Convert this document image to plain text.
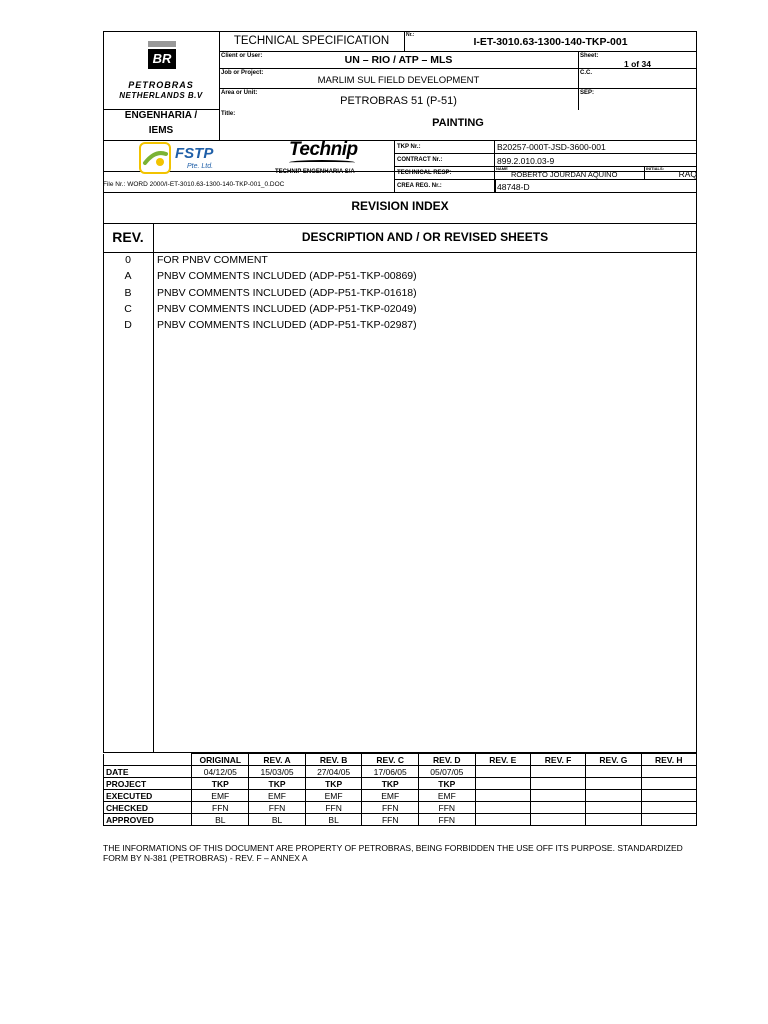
BR
PETROBRAS
NETHERLANDS B.V
ENGENHARIA /
IEMS
TECHNICAL SPECIFICATION	Nr.:
I-ET-3010.63-1300-140-TKP-001
Client or User:	UN – RIO / ATP – MLS	Sheet:
1 of 34
Job or Project:
MARLIM SUL FIELD DEVELOPMENT
C.C.
Area or Unit:
PETROBRAS 51 (P-51)
SEP:
Title:
PAINTING
FSTP
Pte. Ltd.
Technip
TECHNIP ENGENHARIA S/A
TKP Nr.:	B20257-000T-JSD-3600-001
CONTRACT Nr.:	899.2.010.03-9
TECHNICAL RESP:
NAME
ROBERTO JOURDAN AQUINO
INITIALS:
RAQ
CREA REG. Nr.:	48748-D
File Nr.: WORD 2000/I-ET-3010.63-1300-140-TKP-001_0.DOC
REVISION INDEX
REV.	DESCRIPTION AND / OR REVISED SHEETS
0	FOR PNBV COMMENT
A	PNBV COMMENTS INCLUDED (ADP-P51-TKP-00869)
B	PNBV COMMENTS INCLUDED (ADP-P51-TKP-01618)
C	PNBV COMMENTS INCLUDED (ADP-P51-TKP-02049)
D	PNBV COMMENTS INCLUDED (ADP-P51-TKP-02987)
	ORIGINAL	REV. A	REV. B	REV. C	REV. D	REV. E	REV. F	REV. G	REV. H
DATE	04/12/05	15/03/05	27/04/05	17/06/05	05/07/05				
PROJECT	TKP	TKP	TKP	TKP	TKP				
EXECUTED	EMF	EMF	EMF	EMF	EMF				
CHECKED	FFN	FFN	FFN	FFN	FFN				
APPROVED	BL	BL	BL	FFN	FFN				
THE INFORMATIONS OF THIS DOCUMENT ARE PROPERTY OF PETROBRAS, BEING FORBIDDEN THE USE OFF ITS PURPOSE. STANDARDIZED FORM BY N-381 (PETROBRAS) - REV. F – ANNEX A
